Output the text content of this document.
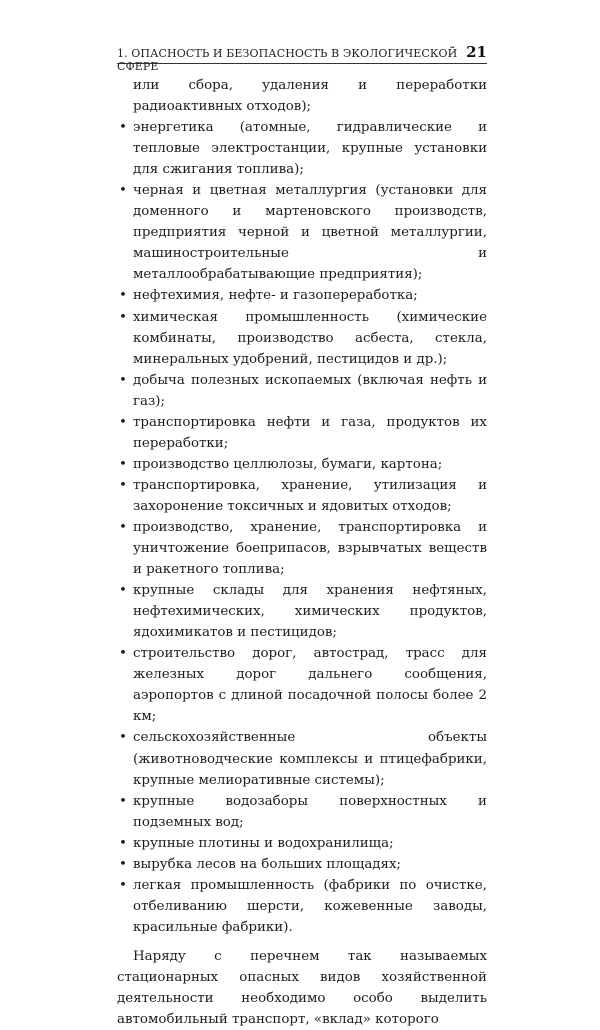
1. ОПАСНОСТЬ И БЕЗОПАСНОСТЬ В ЭКОЛОГИЧЕСКОЙ СФЕРЕ
21
или сбора, удаления и переработки радиоактивных отходов);
• энергетика (атомные, гидравлические и тепловые электростанции, крупные установки для сжигания топлива);
• черная и цветная металлургия (установки для доменного и мартеновского производств, предприятия черной и цветной металлургии, машиностроительные и металлообрабатывающие предприятия);
• нефтехимия, нефте- и газопереработка;
• химическая промышленность (химические комбинаты, производство асбеста, стекла, минеральных удобрений, пестицидов и др.);
• добыча полезных ископаемых (включая нефть и газ);
• транспортировка нефти и газа, продуктов их переработки;
• производство целлюлозы, бумаги, картона;
• транспортировка, хранение, утилизация и захоронение токсичных и ядовитых отходов;
• производство, хранение, транспортировка и уничтожение боеприпасов, взрывчатых веществ и ракетного топлива;
• крупные склады для хранения нефтяных, нефтехимических, химических продуктов, ядохимикатов и пестицидов;
• строительство дорог, автострад, трасс для железных дорог дальнего сообщения, аэропортов с длиной посадочной полосы более 2 км;
• сельскохозяйственные объекты (животноводческие комплексы и птицефабрики, крупные мелиоративные системы);
• крупные водозаборы поверхностных и подземных вод;
• крупные плотины и водохранилища;
• вырубка лесов на больших площадях;
• легкая промышленность (фабрики по очистке, отбеливанию шерсти, кожевенные заводы, красильные фабрики).

Наряду с перечнем так называемых стационарных опасных видов хозяйственной деятельности необходимо особо выделить автомобильный транспорт, «вклад» которого
